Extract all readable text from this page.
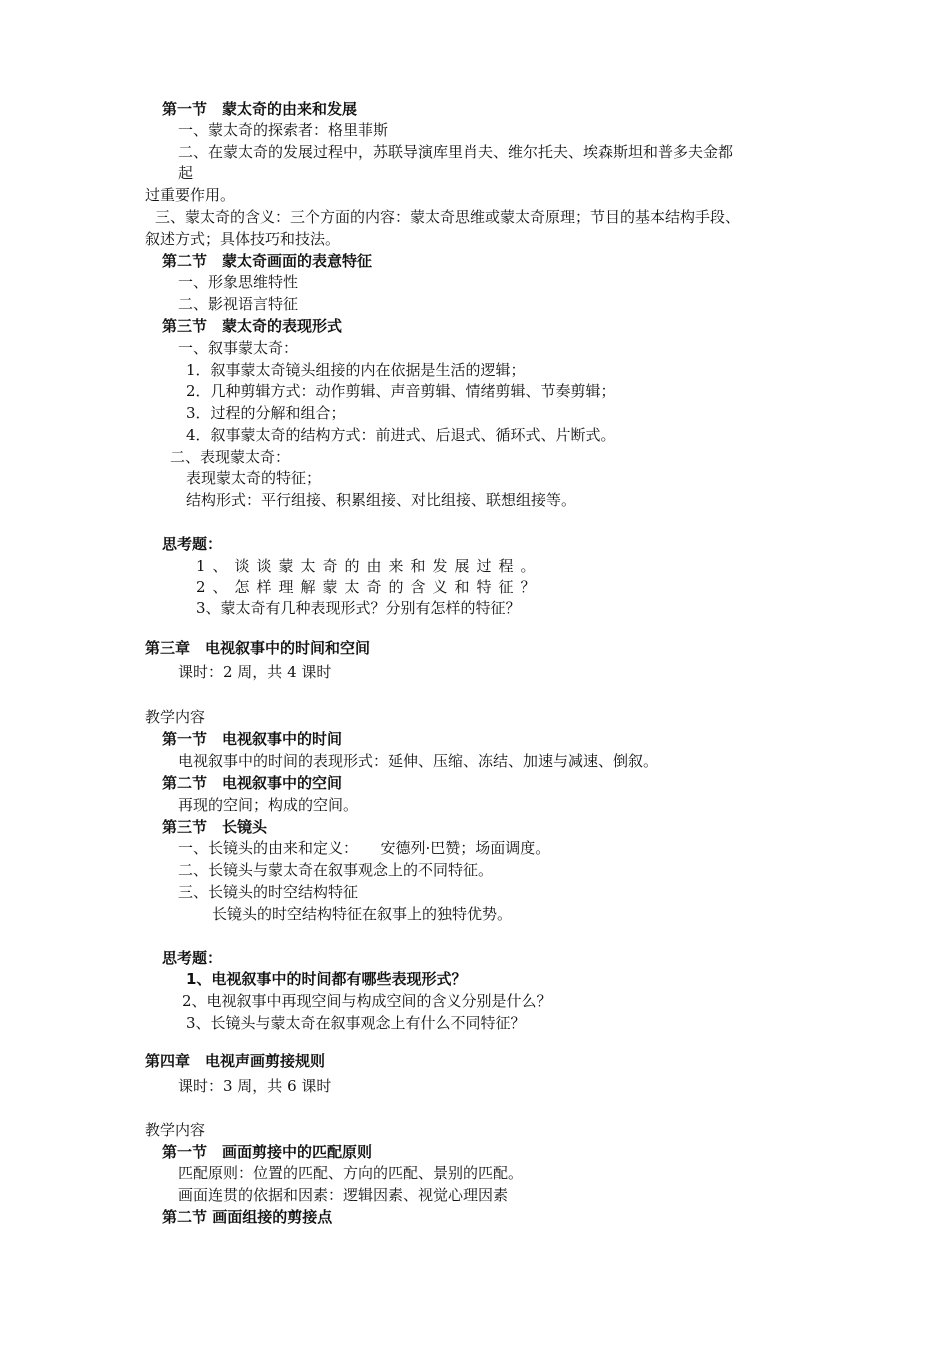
第一节　蒙太奇的由来和发展
一、蒙太奇的探索者：格里菲斯
二、在蒙太奇的发展过程中，苏联导演库里肖夫、维尔托夫、埃森斯坦和普多夫金都
起
过重要作用。
三、蒙太奇的含义：三个方面的内容：蒙太奇思维或蒙太奇原理；节目的基本结构手段、
叙述方式；具体技巧和技法。
第二节　蒙太奇画面的表意特征
一、形象思维特性
二、影视语言特征
第三节　蒙太奇的表现形式
一、叙事蒙太奇：
1．叙事蒙太奇镜头组接的内在依据是生活的逻辑；
2．几种剪辑方式：动作剪辑、声音剪辑、情绪剪辑、节奏剪辑；
3．过程的分解和组合；
4．叙事蒙太奇的结构方式：前进式、后退式、循环式、片断式。
二、表现蒙太奇：
表现蒙太奇的特征；
结构形式：平行组接、积累组接、对比组接、联想组接等。
思考题：
1、谈谈蒙太奇的由来和发展过程。
2、怎样理解蒙太奇的含义和特征？
3、蒙太奇有几种表现形式？分别有怎样的特征？
第三章　电视叙事中的时间和空间
课时：2 周，共 4 课时
教学内容
第一节　电视叙事中的时间
电视叙事中的时间的表现形式：延伸、压缩、冻结、加速与减速、倒叙。
第二节　电视叙事中的空间
再现的空间；构成的空间。
第三节　长镜头
一、长镜头的由来和定义：　　安德列·巴赞；场面调度。
二、长镜头与蒙太奇在叙事观念上的不同特征。
三、长镜头的时空结构特征
长镜头的时空结构特征在叙事上的独特优势。
思考题：
1、电视叙事中的时间都有哪些表现形式？
2、电视叙事中再现空间与构成空间的含义分别是什么？
3、长镜头与蒙太奇在叙事观念上有什么不同特征？
第四章　电视声画剪接规则
课时：3 周，共 6 课时
教学内容
第一节　画面剪接中的匹配原则
匹配原则：位置的匹配、方向的匹配、景别的匹配。
画面连贯的依据和因素：逻辑因素、视觉心理因素
第二节 画面组接的剪接点
